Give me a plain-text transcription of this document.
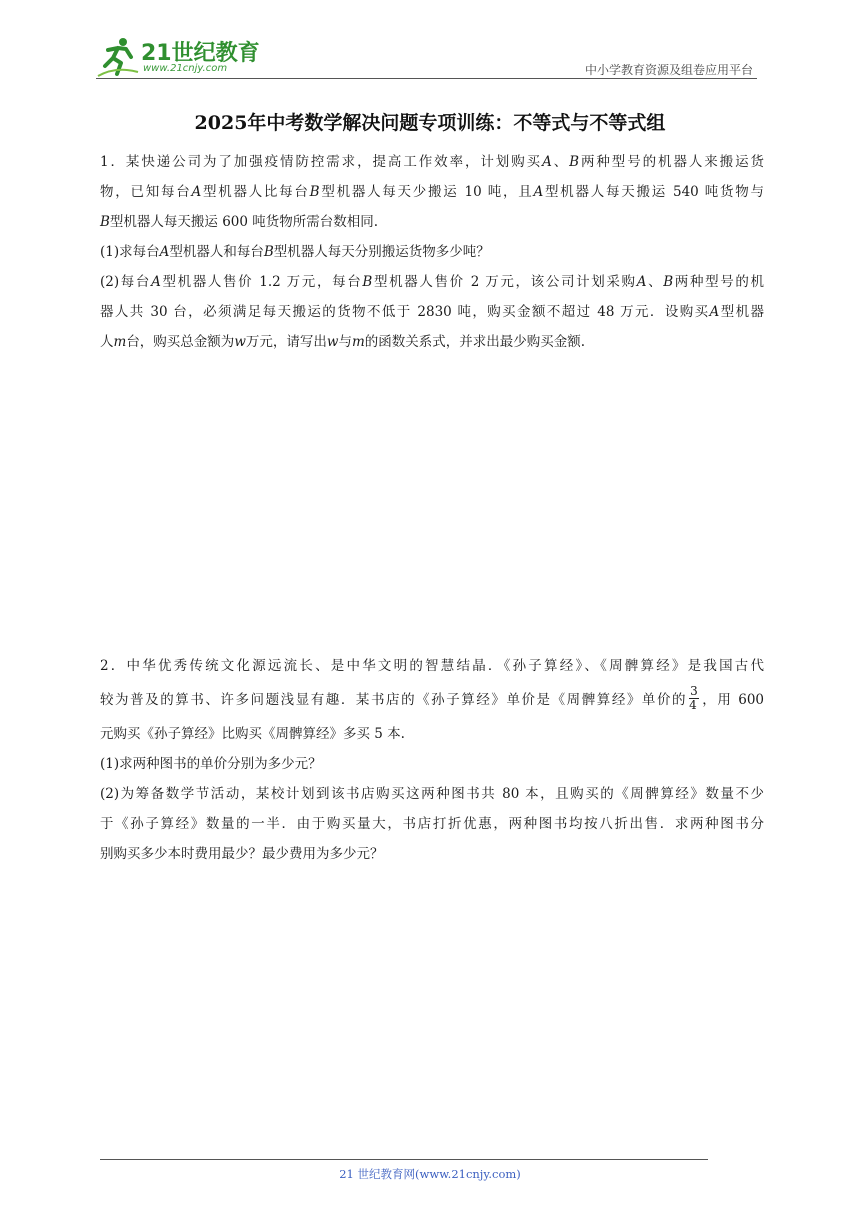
21世纪教育
www.21cnjy.com	中小学教育资源及组卷应用平台
2025年中考数学解决问题专项训练：不等式与不等式组
1．某快递公司为了加强疫情防控需求，提高工作效率，计划购买A、B两种型号的机器人来搬运货
物，已知每台A型机器人比每台B型机器人每天少搬运 10 吨，且A型机器人每天搬运 540 吨货物与
B型机器人每天搬运 600 吨货物所需台数相同.
(1)求每台A型机器人和每台B型机器人每天分别搬运货物多少吨？
(2)每台A型机器人售价 1.2 万元，每台B型机器人售价 2 万元，该公司计划采购A、B两种型号的机
器人共 30 台，必须满足每天搬运的货物不低于 2830 吨，购买金额不超过 48 万元．设购买A型机器
人m台，购买总金额为w万元，请写出w与m的函数关系式，并求出最少购买金额.
2．中华优秀传统文化源远流长、是中华文明的智慧结晶．《孙子算经》、《周髀算经》是我国古代
较为普及的算书、许多问题浅显有趣．某书店的《孙子算经》单价是《周髀算经》单价的 $\frac{3}{4}$ ，用 600
元购买《孙子算经》比购买《周髀算经》多买 5 本.
(1)求两种图书的单价分别为多少元？
(2)为筹备数学节活动，某校计划到该书店购买这两种图书共 80 本，且购买的《周髀算经》数量不少
于《孙子算经》数量的一半．由于购买量大，书店打折优惠，两种图书均按八折出售．求两种图书分
别购买多少本时费用最少？最少费用为多少元？
21 世纪教育网(www.21cnjy.com)
